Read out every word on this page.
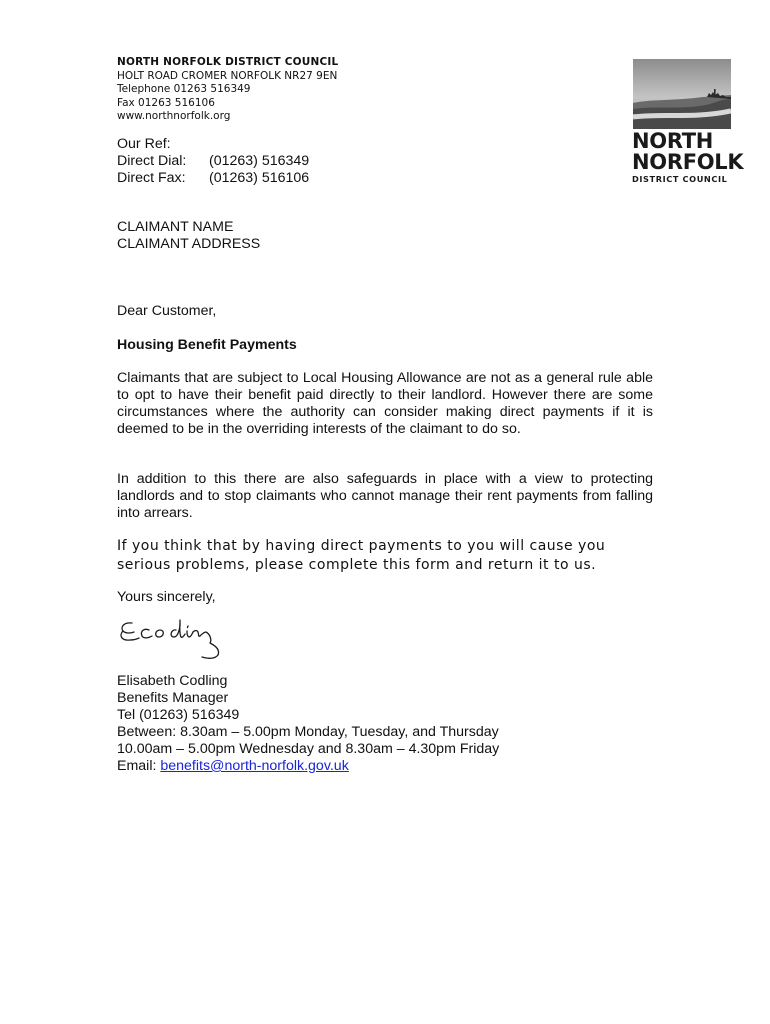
NORTH NORFOLK DISTRICT COUNCIL
HOLT ROAD CROMER NORFOLK NR27 9EN
Telephone 01263 516349
Fax 01263 516106
www.northnorfolk.org
NORTH
NORFOLK
DISTRICT COUNCIL
Our Ref:
Direct Dial:	(01263) 516349
Direct Fax:	(01263) 516106
CLAIMANT NAME
CLAIMANT ADDRESS
Dear Customer,
Housing Benefit Payments
Claimants that are subject to Local Housing Allowance are not as a general rule able to opt to have their benefit paid directly to their landlord. However there are some circumstances where the authority can consider making direct payments if it is deemed to be in the overriding interests of the claimant to do so.
In addition to this there are also safeguards in place with a view to protecting landlords and to stop claimants who cannot manage their rent payments from falling into arrears.
If you think that by having direct payments to you will cause you serious problems, please complete this form and return it to us.
Yours sincerely,
Elisabeth Codling
Benefits Manager
Tel (01263) 516349
Between: 8.30am – 5.00pm Monday, Tuesday, and Thursday
10.00am – 5.00pm Wednesday and 8.30am – 4.30pm Friday
Email: benefits@north-norfolk.gov.uk
